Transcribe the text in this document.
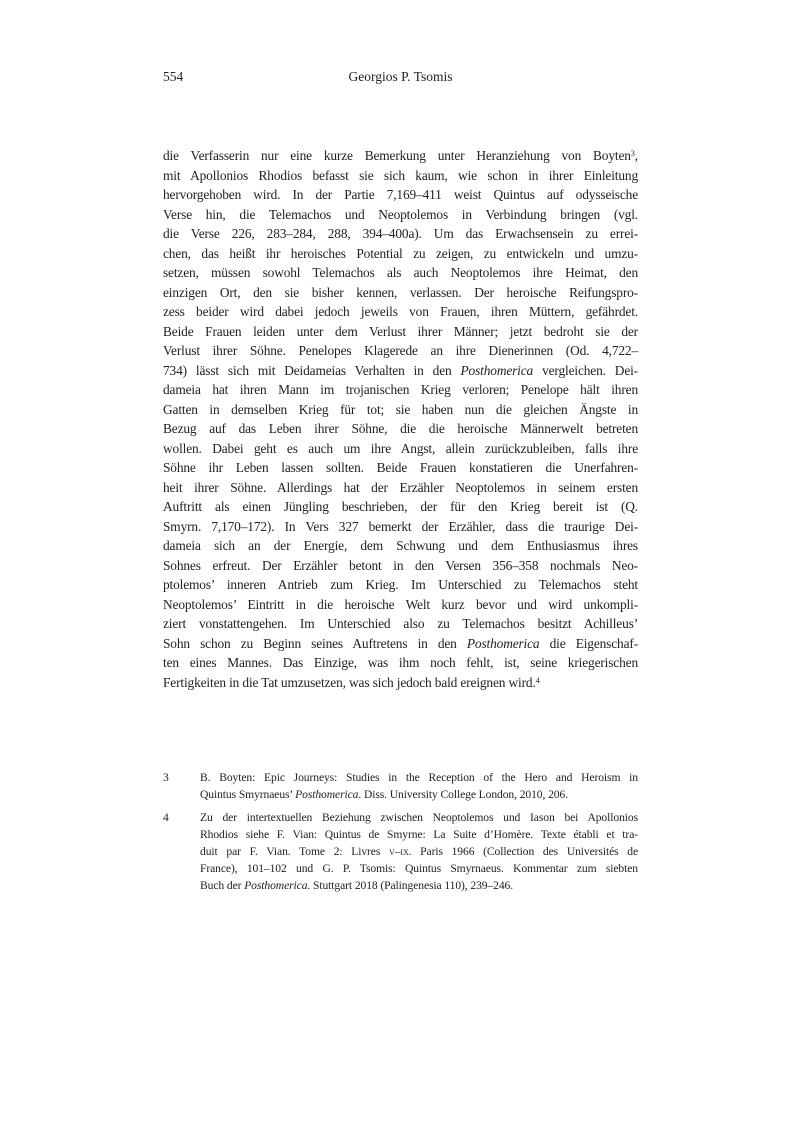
554	Georgios P. Tsomis
die Verfasserin nur eine kurze Bemerkung unter Heranziehung von Boyten$^3$,
mit Apollonios Rhodios befasst sie sich kaum, wie schon in ihrer Einleitung
hervorgehoben wird. In der Partie 7,169–411 weist Quintus auf odysseische
Verse hin, die Telemachos und Neoptolemos in Verbindung bringen (vgl.
die Verse 226, 283–284, 288, 394–400a). Um das Erwachsensein zu errei-
chen, das heißt ihr heroisches Potential zu zeigen, zu entwickeln und umzu-
setzen, müssen sowohl Telemachos als auch Neoptolemos ihre Heimat, den
einzigen Ort, den sie bisher kennen, verlassen. Der heroische Reifungspro-
zess beider wird dabei jedoch jeweils von Frauen, ihren Müttern, gefährdet.
Beide Frauen leiden unter dem Verlust ihrer Männer; jetzt bedroht sie der
Verlust ihrer Söhne. Penelopes Klagerede an ihre Dienerinnen (Od. 4,722–
734) lässt sich mit Deidameias Verhalten in den Posthomerica vergleichen. Dei-
dameia hat ihren Mann im trojanischen Krieg verloren; Penelope hält ihren
Gatten in demselben Krieg für tot; sie haben nun die gleichen Ängste in
Bezug auf das Leben ihrer Söhne, die die heroische Männerwelt betreten
wollen. Dabei geht es auch um ihre Angst, allein zurückzubleiben, falls ihre
Söhne ihr Leben lassen sollten. Beide Frauen konstatieren die Unerfahren-
heit ihrer Söhne. Allerdings hat der Erzähler Neoptolemos in seinem ersten
Auftritt als einen Jüngling beschrieben, der für den Krieg bereit ist (Q.
Smyrn. 7,170–172). In Vers 327 bemerkt der Erzähler, dass die traurige Dei-
dameia sich an der Energie, dem Schwung und dem Enthusiasmus ihres
Sohnes erfreut. Der Erzähler betont in den Versen 356–358 nochmals Neo-
ptolemos’ inneren Antrieb zum Krieg. Im Unterschied zu Telemachos steht
Neoptolemos’ Eintritt in die heroische Welt kurz bevor und wird unkompli-
ziert vonstattengehen. Im Unterschied also zu Telemachos besitzt Achilleus’
Sohn schon zu Beginn seines Auftretens in den Posthomerica die Eigenschaf-
ten eines Mannes. Das Einzige, was ihm noch fehlt, ist, seine kriegerischen
Fertigkeiten in die Tat umzusetzen, was sich jedoch bald ereignen wird.$^4$
3	B. Boyten: Epic Journeys: Studies in the Reception of the Hero and Heroism in
Quintus Smyrnaeus’ Posthomerica. Diss. University College London, 2010, 206.
4	Zu der intertextuellen Beziehung zwischen Neoptolemos und Iason bei Apollonios
Rhodios siehe F. Vian: Quintus de Smyrne: La Suite d’Homère. Texte établi et tra-
duit par F. Vian. Tome 2: Livres v–ix. Paris 1966 (Collection des Universités de
France), 101–102 und G. P. Tsomis: Quintus Smyrnaeus. Kommentar zum siebten
Buch der Posthomerica. Stuttgart 2018 (Palingenesia 110), 239–246.
